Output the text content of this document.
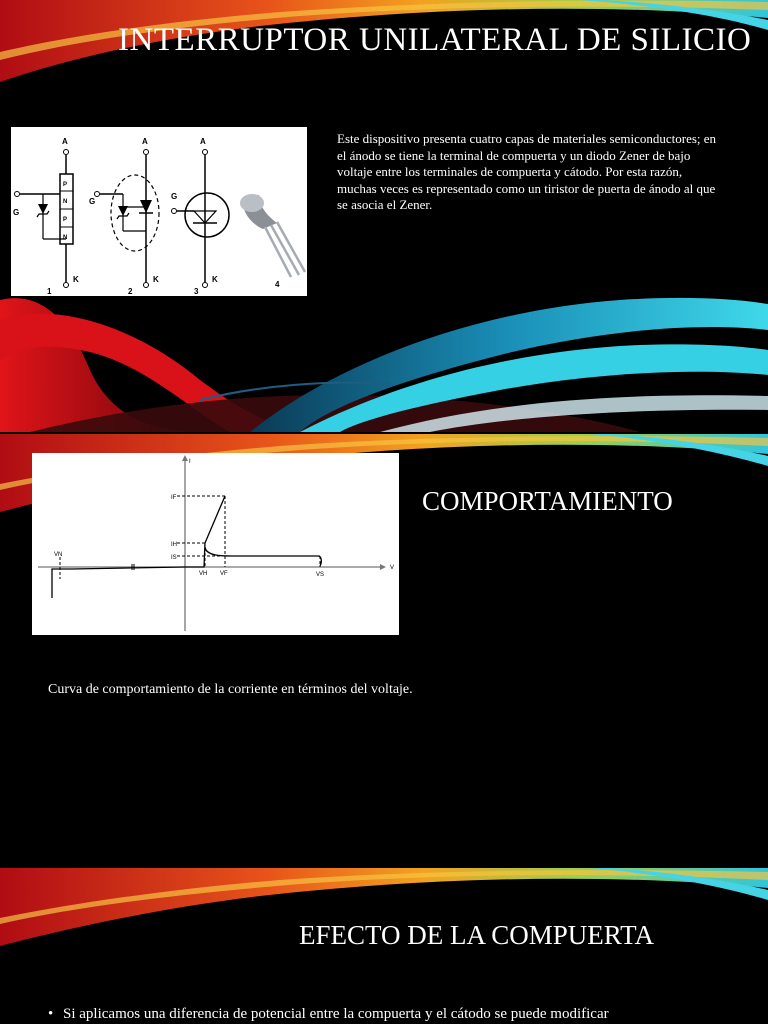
INTERRUPTOR UNILATERAL DE SILICIO
A
P
N
P
N
K
G
1
A
K
G
2
A
K
G
3
4

Este dispositivo presenta cuatro capas de materiales semiconductores; en el ánodo se tiene la terminal de compuerta y un diodo Zener de bajo voltaje entre los terminales de compuerta y cátodo. Por esta razón, muchas veces es representado como un tiristor de puerta de ánodo al que se asocia el Zener.

I
V
IF
IH
IS
VH VF	VS
VN
COMPORTAMIENTO

Curva de comportamiento de la corriente en términos del voltaje.

EFECTO DE LA COMPUERTA
• Si aplicamos una diferencia de potencial entre la compuerta y el cátodo se puede modificar
